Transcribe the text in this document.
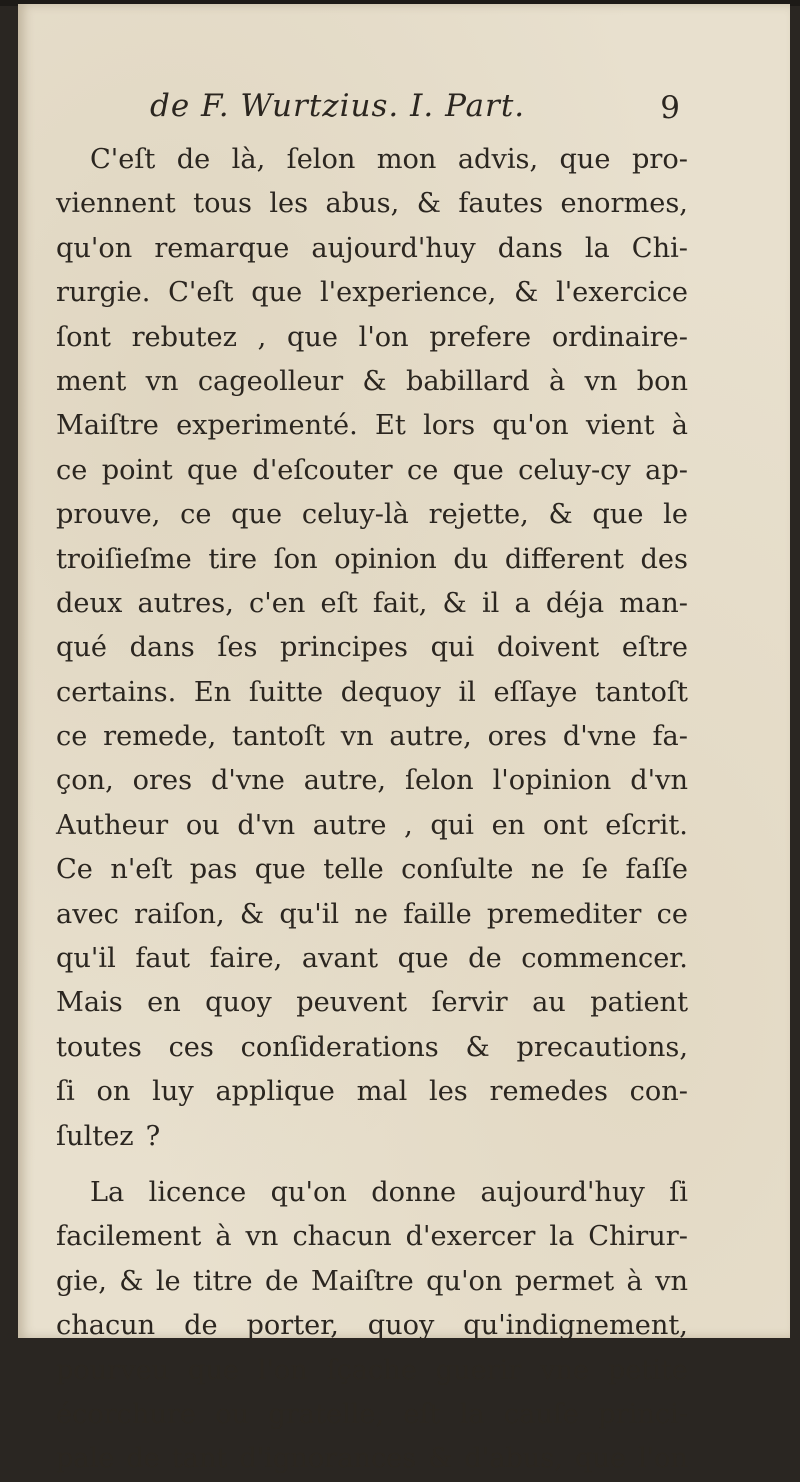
de F. Wurtzius. I. Part.	9
C'eſt de là, ſelon mon advis, que pro-
viennent tous les abus, & fautes enormes,
qu'on remarque aujourd'huy dans la Chi-
rurgie. C'eſt que l'experience, & l'exercice
ſont rebutez , que l'on prefere ordinaire-
ment vn cageolleur & babillard à vn bon
Maiſtre experimenté. Et lors qu'on vient à
ce point que d'eſcouter ce que celuy-cy ap-
prouve, ce que celuy-là rejette, & que le
troiſieſme tire ſon opinion du different des
deux autres, c'en eſt fait, & il a déja man-
qué dans ſes principes qui doivent eſtre
certains. En ſuitte dequoy il eſſaye tantoſt
ce remede, tantoſt vn autre, ores d'vne fa-
çon, ores d'vne autre, ſelon l'opinion d'vn
Autheur ou d'vn autre , qui en ont eſcrit.
Ce n'eſt pas que telle conſulte ne ſe faſſe
avec raiſon, & qu'il ne faille premediter ce
qu'il faut faire, avant que de commencer.
Mais en quoy peuvent ſervir au patient
toutes ces conſiderations & precautions,
ſi on luy applique mal les remedes con-
ſultez ?
La licence qu'on donne aujourd'huy ſi
facilement à vn chacun d'exercer la Chirur-
gie, & le titre de Maiſtre qu'on permet à vn
chacun de porter, quoy qu'indignement,
pourveu que l'on ſçache guerir vne petite
écorchure ou gratelle, eſt la cauſe princi-
pale de tant d'ignorances & d'abus, que l'on
